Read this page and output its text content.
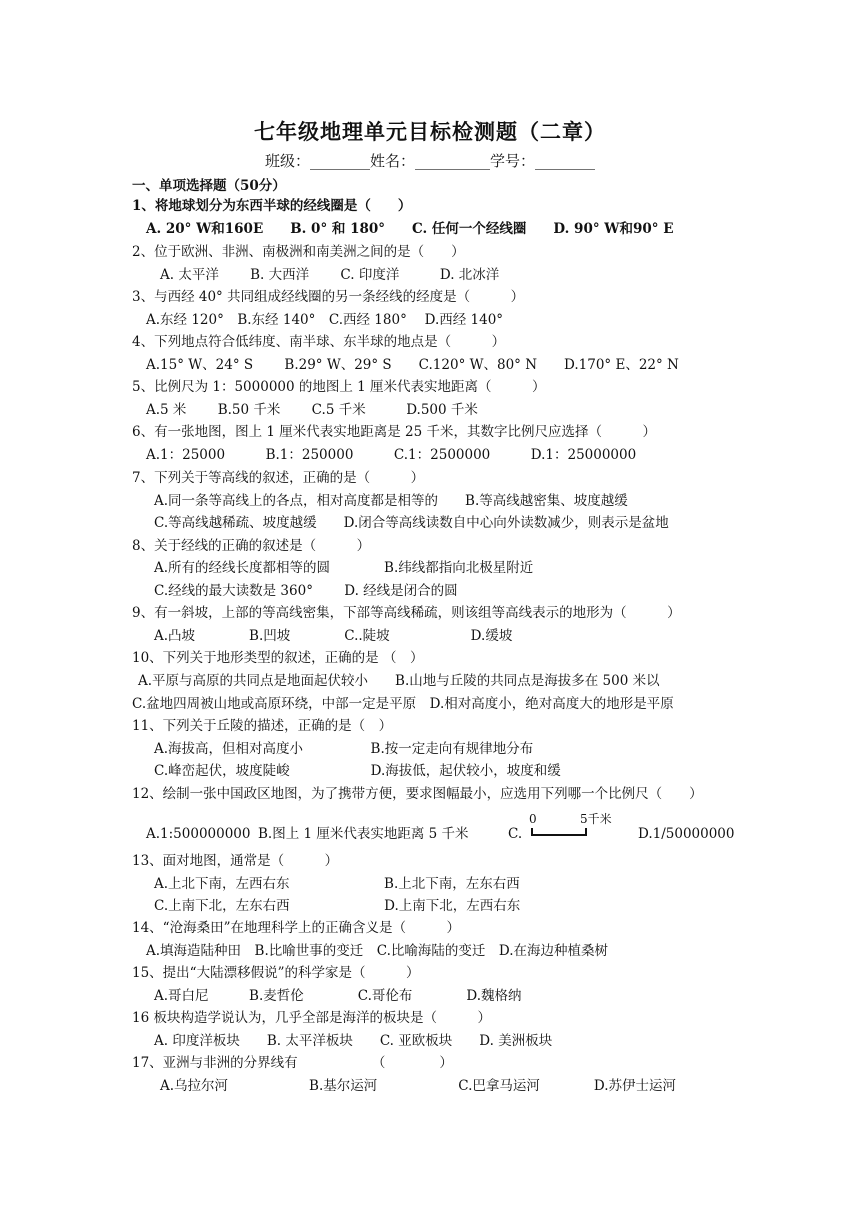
七年级地理单元目标检测题（二章）
班级：________姓名：__________学号：________
一、单项选择题（50分）
1、将地球划分为东西半球的经线圈是（　　）
A. 20° W和160E　　B. 0° 和 180°　　C. 任何一个经线圈　　D. 90° W和90° E
2、位于欧洲、非洲、南极洲和南美洲之间的是（　　）
A. 太平洋　　 B. 大西洋　　 C. 印度洋　　　D. 北冰洋
3、与西经 40° 共同组成经线圈的另一条经线的经度是（　　　）
A.东经 120°　B.东经 140°　C.西经 180°　 D.西经 140°
4、下列地点符合低纬度、南半球、东半球的地点是（　　　）
A.15° W、24° S　　 B.29° W、29° S　　C.120° W、80° N　　D.170° E、22° N
5、比例尺为 1：5000000 的地图上 1 厘米代表实地距离（　　　）
A.5 米　　 B.50 千米　　 C.5 千米　　　D.500 千米
6、有一张地图，图上 1 厘米代表实地距离是 25 千米，其数字比例尺应选择（　　　）
A.1：25000　　　B.1：250000　　　C.1：2500000　　　D.1：25000000
7、下列关于等高线的叙述，正确的是（　　　）
A.同一条等高线上的各点，相对高度都是相等的　　B.等高线越密集、坡度越缓
C.等高线越稀疏、坡度越缓　　D.闭合等高线读数自中心向外读数减少，则表示是盆地
8、关于经线的正确的叙述是（　　　）
A.所有的经线长度都相等的圆　　　　B.纬线都指向北极星附近
C.经线的最大读数是 360°　　 D. 经线是闭合的圆
9、有一斜坡，上部的等高线密集，下部等高线稀疏，则该组等高线表示的地形为（　　　）
A.凸坡　　　　B.凹坡　　　　C..陡坡　　　　　　D.缓坡
10、下列关于地形类型的叙述，正确的是 （　）
A.平原与高原的共同点是地面起伏较小　　B.山地与丘陵的共同点是海拔多在 500 米以
C.盆地四周被山地或高原环绕，中部一定是平原　D.相对高度小，绝对高度大的地形是平原
11、下列关于丘陵的描述，正确的是（　）
A.海拔高，但相对高度小　　　　　B.按一定走向有规律地分布
C.峰峦起伏，坡度陡峻　　　　　　D.海拔低，起伏较小，坡度和缓
12、绘制一张中国政区地图，为了携带方便，要求图幅最小，应选用下列哪一个比例尺（　　）
A.1:500000000 B.图上 1 厘米代表实地距离 5 千米	C.
0	5千米
D.1/50000000
13、面对地图，通常是（　　　）
A.上北下南，左西右东　　　　　　　B.上北下南，左东右西
C.上南下北，左东右西　　　　　　　D.上南下北，左西右东
14、“沧海桑田”在地理科学上的正确含义是（　　　）
A.填海造陆种田　B.比喻世事的变迁　C.比喻海陆的变迁　D.在海边种植桑树
15、提出“大陆漂移假说”的科学家是（　　　）
A.哥白尼　　　B.麦哲伦　　　　C.哥伦布　　　　D.魏格纳
16 板块构造学说认为，几乎全部是海洋的板块是（　　　）
A. 印度洋板块　　B. 太平洋板块　　C. 亚欧板块　　D. 美洲板块
17、亚洲与非洲的分界线有　　　　　　（　　　　）
A.乌拉尔河　　　　　　B.基尔运河　　　　　　C.巴拿马运河　　　　D.苏伊士运河
